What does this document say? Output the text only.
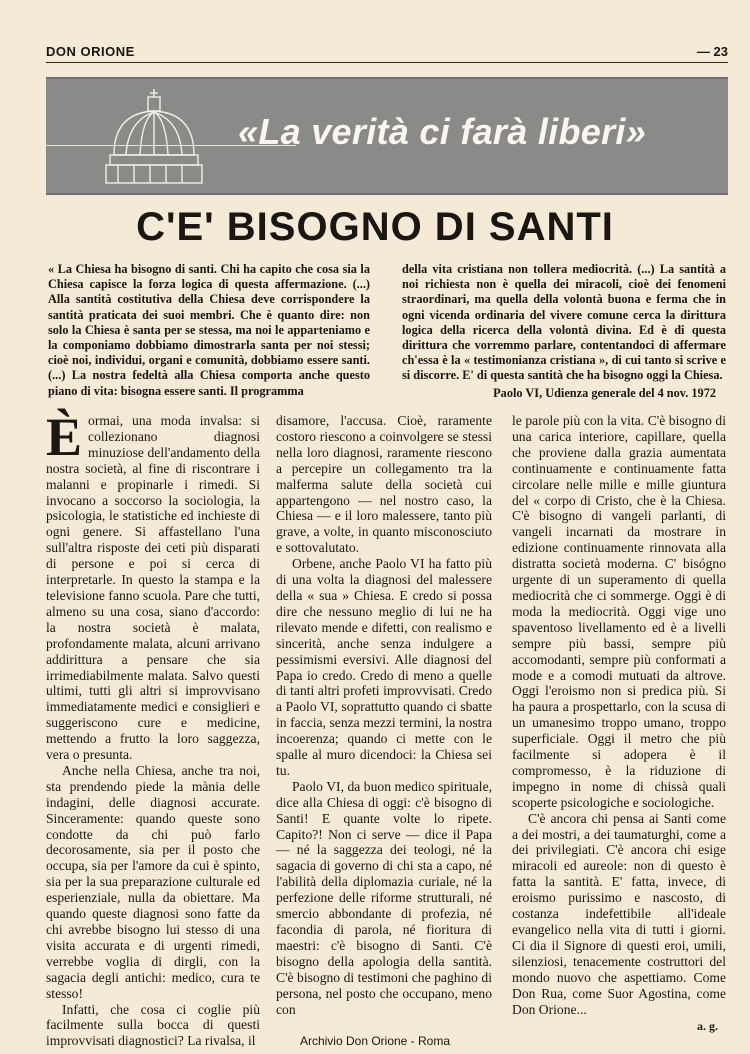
DON ORIONE	— 23
«La verità ci farà liberi»
C'E' BISOGNO DI SANTI
« La Chiesa ha bisogno di santi. Chi ha capito che cosa sia la Chiesa capisce la forza logica di questa affermazione. (...) Alla santità costitutiva della Chiesa deve corrispondere la santità praticata dei suoi membri. Che è quanto dire: non solo la Chiesa è santa per se stessa, ma noi le apparteniamo e la componiamo dobbiamo dimostrarla santa per noi stessi; cioè noi, individui, organi e comunità, dobbiamo essere santi. (...) La nostra fedeltà alla Chiesa comporta anche questo piano di vita: bisogna essere santi. Il programma
della vita cristiana non tollera mediocrità. (...) La santità a noi richiesta non è quella dei miracoli, cioè dei fenomeni straordinari, ma quella della volontà buona e ferma che in ogni vicenda ordinaria del vivere comune cerca la dirittura logica della ricerca della volontà divina. Ed è di questa dirittura che vorremmo parlare, contentandoci di affermare ch'essa è la « testimonianza cristiana », di cui tanto si scrive e si discorre. E' di questa santità che ha bisogno oggi la Chiesa.
Paolo VI, Udienza generale del 4 nov. 1972

Èormai, una moda invalsa: si collezionano diagnosi minuziose dell'andamento della nostra società, al fine di riscontrare i malanni e propinarle i rimedi. Si invocano a soccorso la sociologia, la psicologia, le statistiche ed inchieste di ogni genere. Si affastellano l'una sull'altra risposte dei ceti più disparati di persone e poi si cerca di interpretarle. In questo la stampa e la televisione fanno scuola. Pare che tutti, almeno su una cosa, siano d'accordo: la nostra società è malata, profondamente malata, alcuni arrivano addirittura a pensare che sia irrimediabilmente malata. Salvo questi ultimi, tutti gli altri si improvvisano immediatamente medici e consiglieri e suggeriscono cure e medicine, mettendo a frutto la loro saggezza, vera o presunta.

Anche nella Chiesa, anche tra noi, sta prendendo piede la mània delle indagini, delle diagnosi accurate. Sinceramente: quando queste sono condotte da chi può farlo decorosamente, sia per il posto che occupa, sia per l'amore da cui è spinto, sia per la sua preparazione culturale ed esperienziale, nulla da obiettare. Ma quando queste diagnosi sono fatte da chi avrebbe bisogno lui stesso di una visita accurata e di urgenti rimedi, verrebbe voglia di dirgli, con la sagacia degli antichi: medico, cura te stesso!

Infatti, che cosa ci coglie più facilmente sulla bocca di questi improvvisati diagnostici? La rivalsa, il

disamore, l'accusa. Cioè, raramente costoro riescono a coinvolgere se stessi nella loro diagnosi, raramente riescono a percepire un collegamento tra la malferma salute della società cui appartengono — nel nostro caso, la Chiesa — e il loro malessere, tanto più grave, a volte, in quanto misconosciuto e sottovalutato.

Orbene, anche Paolo VI ha fatto più di una volta la diagnosi del malessere della « sua » Chiesa. E credo si possa dire che nessuno meglio di lui ne ha rilevato mende e difetti, con realismo e sincerità, anche senza indulgere a pessimismi eversivi. Alle diagnosi del Papa io credo. Credo di meno a quelle di tanti altri profeti improvvisati. Credo a Paolo VI, soprattutto quando ci sbatte in faccia, senza mezzi termini, la nostra incoerenza; quando ci mette con le spalle al muro dicendoci: la Chiesa sei tu.

Paolo VI, da buon medico spirituale, dice alla Chiesa di oggi: c'è bisogno di Santi! E quante volte lo ripete. Capito?! Non ci serve — dice il Papa — né la saggezza dei teologi, né la sagacia di governo di chi sta a capo, né l'abilità della diplomazia curiale, né la perfezione delle riforme strutturali, né smercio abbondante di profezia, né facondia di parola, né fioritura di maestri: c'è bisogno di Santi. C'è bisogno della apologia della santità. C'è bisogno di testimoni che paghino di persona, nel posto che occupano, meno con

le parole più con la vita. C'è bisogno di una carica interiore, capillare, quella che proviene dalla grazia aumentata continuamente e continuamente fatta circolare nelle mille e mille giuntura del « corpo di Cristo, che è la Chiesa. C'è bisogno di vangeli parlanti, di vangeli incarnati da mostrare in edizione continuamente rinnovata alla distratta società moderna. C' bisógno urgente di un superamento di quella mediocrità che ci sommerge. Oggi è di moda la mediocrità. Oggi vige uno spaventoso livellamento ed è a livelli sempre più bassi, sempre più accomodanti, sempre più conformati a mode e a comodi mutuati da altrove. Oggi l'eroismo non si predica più. Si ha paura a prospettarlo, con la scusa di un umanesimo troppo umano, troppo superficiale. Oggi il metro che più facilmente si adopera è il compromesso, è la riduzione di impegno in nome di chissà quali scoperte psicologiche e sociologiche.

C'è ancora chi pensa ai Santi come a dei mostri, a dei taumaturghi, come a dei privilegiati. C'è ancora chi esige miracoli ed aureole: non di questo è fatta la santità. E' fatta, invece, di eroismo purissimo e nascosto, di costanza indefettibile all'ideale evangelico nella vita di tutti i giorni. Ci dia il Signore di questi eroi, umili, silenziosi, tenacemente costruttori del mondo nuovo che aspettiamo. Come Don Rua, come Suor Agostina, come Don Orione...

a. g.
Archivio Don Orione - Roma
